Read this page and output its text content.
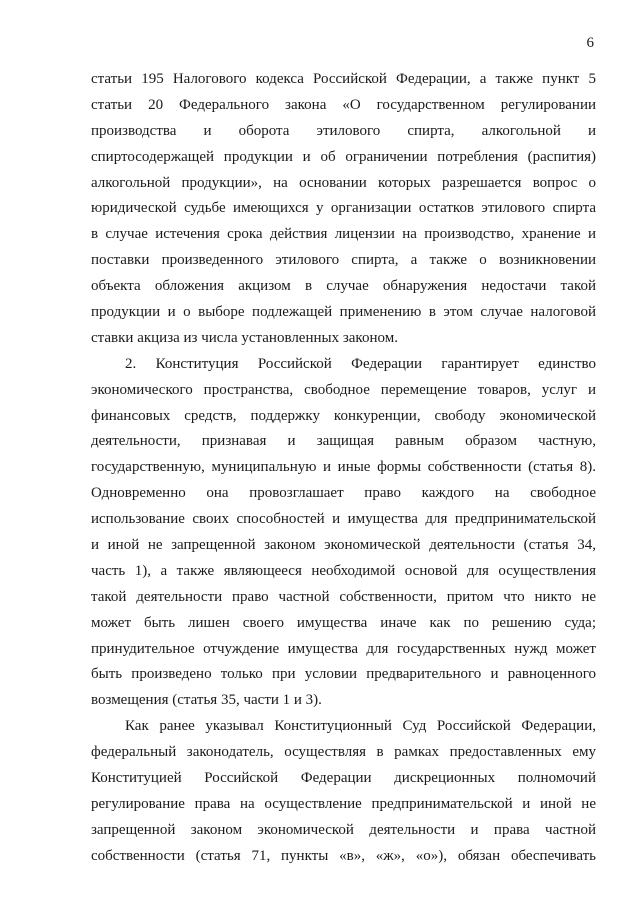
6

статьи 195 Налогового кодекса Российской Федерации, а также пункт 5
статьи 20 Федерального закона «О государственном регулировании
производства и оборота этилового спирта, алкогольной и
спиртосодержащей продукции и об ограничении потребления (распития)
алкогольной продукции», на основании которых разрешается вопрос о
юридической судьбе имеющихся у организации остатков этилового спирта
в случае истечения срока действия лицензии на производство, хранение и
поставки произведенного этилового спирта, а также о возникновении
объекта обложения акцизом в случае обнаружения недостачи такой
продукции и о выборе подлежащей применению в этом случае налоговой
ставки акциза из числа установленных законом.

2. Конституция Российской Федерации гарантирует единство
экономического пространства, свободное перемещение товаров, услуг и
финансовых средств, поддержку конкуренции, свободу экономической
деятельности, признавая и защищая равным образом частную,
государственную, муниципальную и иные формы собственности (статья 8).
Одновременно она провозглашает право каждого на свободное
использование своих способностей и имущества для предпринимательской
и иной не запрещенной законом экономической деятельности (статья 34,
часть 1), а также являющееся необходимой основой для осуществления
такой деятельности право частной собственности, притом что никто не
может быть лишен своего имущества иначе как по решению суда;
принудительное отчуждение имущества для государственных нужд может
быть произведено только при условии предварительного и равноценного
возмещения (статья 35, части 1 и 3).

Как ранее указывал Конституционный Суд Российской Федерации,
федеральный законодатель, осуществляя в рамках предоставленных ему
Конституцией Российской Федерации дискреционных полномочий
регулирование права на осуществление предпринимательской и иной не
запрещенной законом экономической деятельности и права частной
собственности (статья 71, пункты «в», «ж», «о»), обязан обеспечивать
